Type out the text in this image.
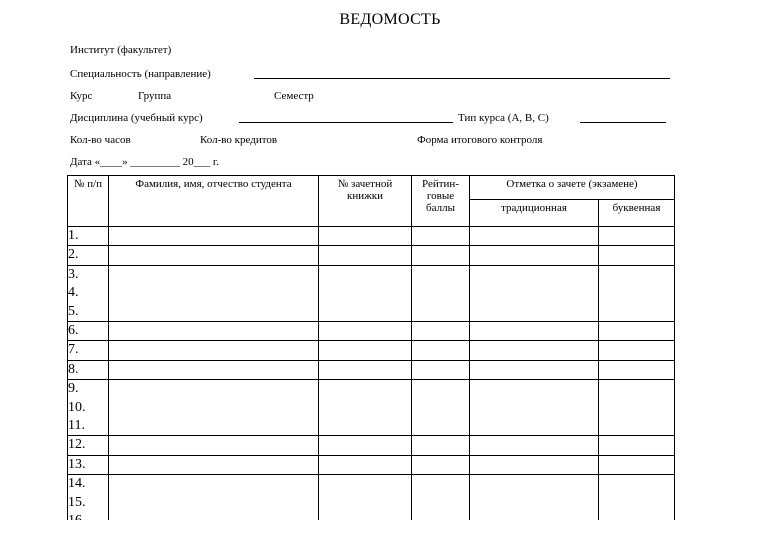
ВЕДОМОСТЬ
Институт (факультет)
Специальность (направление)
Курс	Группа	Семестр
Дисциплина (учебный курс)	Тип курса (А, В, С)
Кол-во часов	Кол-во кредитов	Форма итогового контроля
Дата «____» _________ 20___ г.
№ п/п	Фамилия, имя, отчество студента	№ зачетной книжки	Рейтин-говые баллы	Отметка о зачете (экзамене)	
				традиционная	буквенная

1.					

2.					

3.
4.
5.					

6.					

7.					

8.					

9.
10.
11.					

12.					

13.					

14.
15.					
